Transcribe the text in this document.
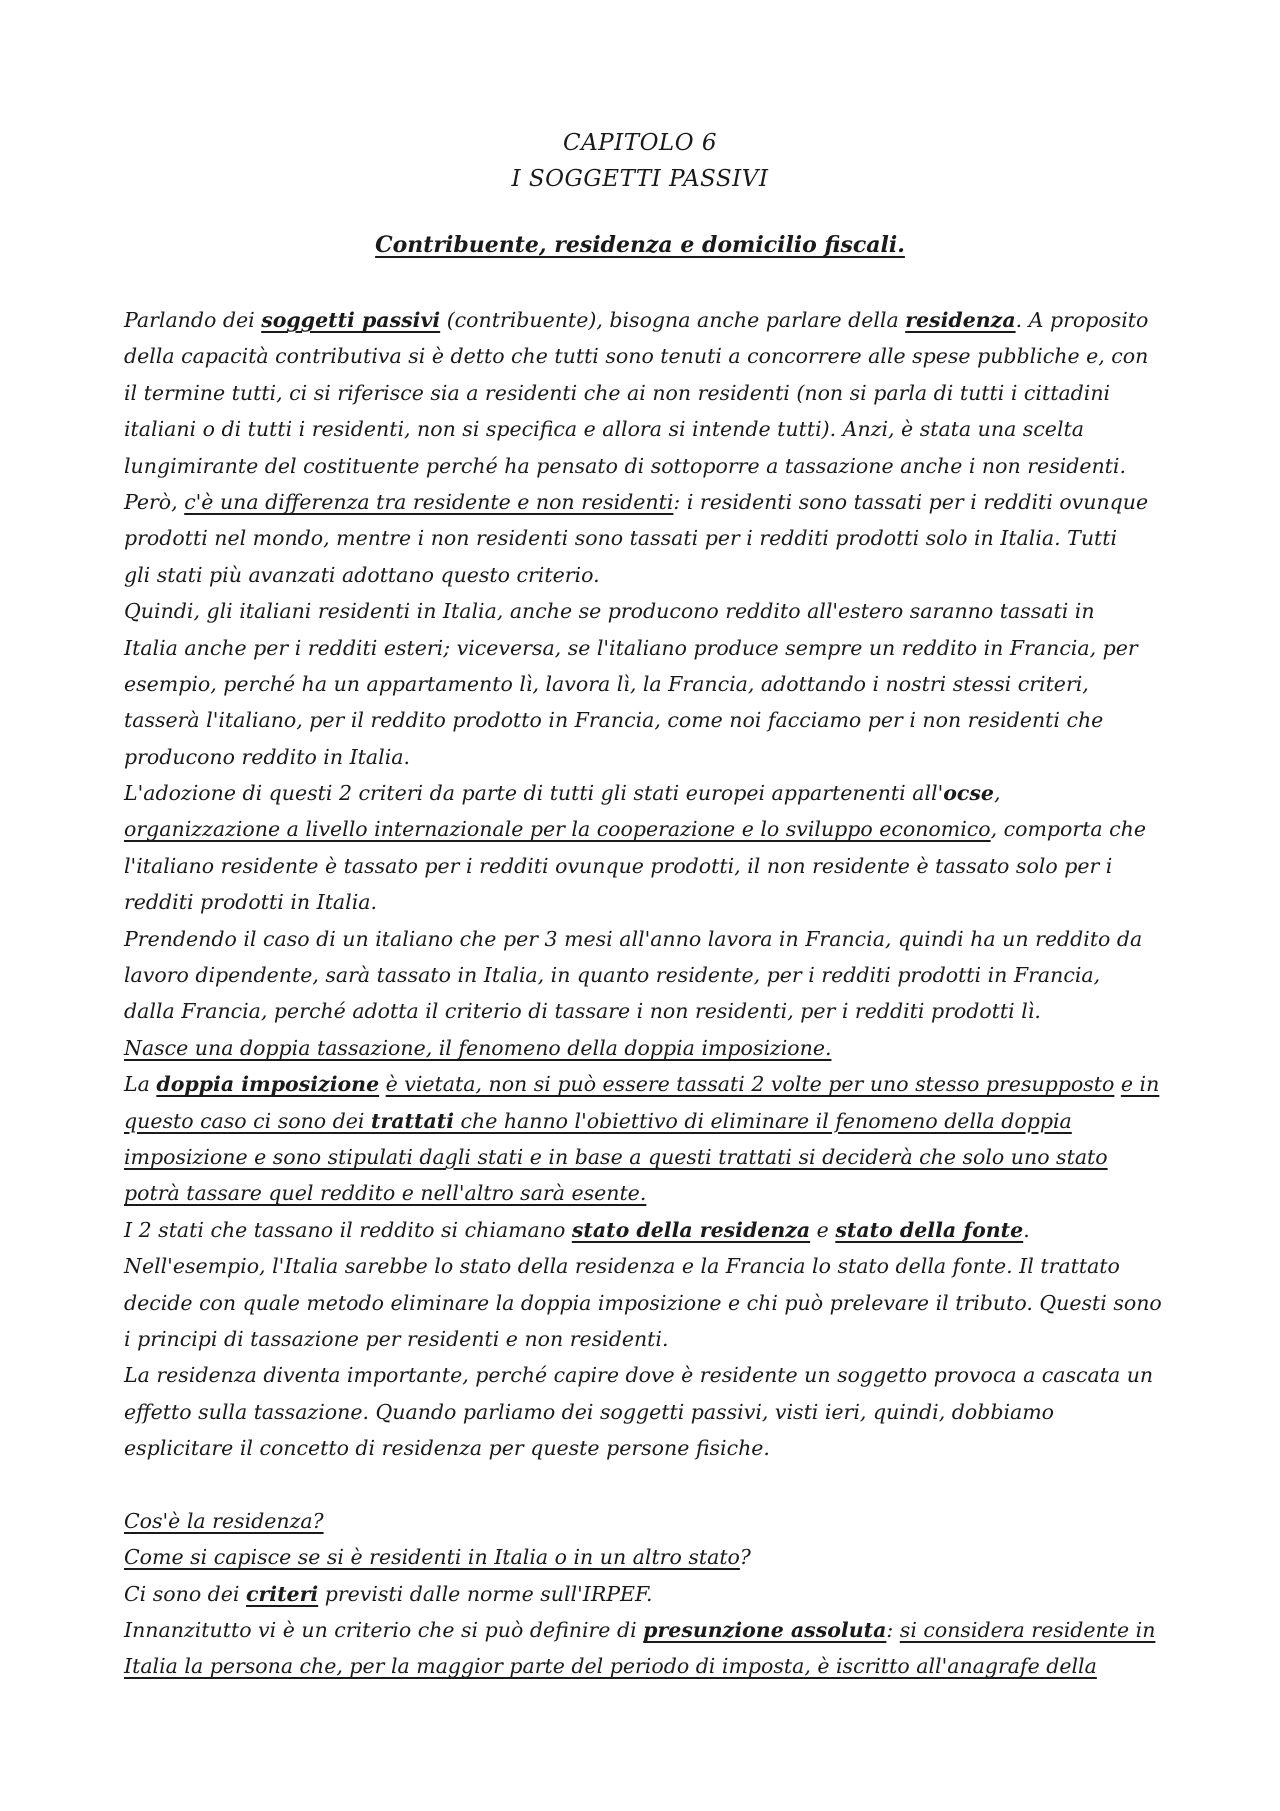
CAPITOLO 6
I SOGGETTI PASSIVI
Contribuente, residenza e domicilio fiscali.
Parlando dei soggetti passivi (contribuente), bisogna anche parlare della residenza. A proposito
della capacità contributiva si è detto che tutti sono tenuti a concorrere alle spese pubbliche e, con
il termine tutti, ci si riferisce sia a residenti che ai non residenti (non si parla di tutti i cittadini
italiani o di tutti i residenti, non si specifica e allora si intende tutti). Anzi, è stata una scelta
lungimirante del costituente perché ha pensato di sottoporre a tassazione anche i non residenti.
Però, c'è una differenza tra residente e non residenti: i residenti sono tassati per i redditi ovunque
prodotti nel mondo, mentre i non residenti sono tassati per i redditi prodotti solo in Italia. Tutti
gli stati più avanzati adottano questo criterio.
Quindi, gli italiani residenti in Italia, anche se producono reddito all'estero saranno tassati in
Italia anche per i redditi esteri; viceversa, se l'italiano produce sempre un reddito in Francia, per
esempio, perché ha un appartamento lì, lavora lì, la Francia, adottando i nostri stessi criteri,
tasserà l'italiano, per il reddito prodotto in Francia, come noi facciamo per i non residenti che
producono reddito in Italia.
L'adozione di questi 2 criteri da parte di tutti gli stati europei appartenenti all'ocse,
organizzazione a livello internazionale per la cooperazione e lo sviluppo economico, comporta che
l'italiano residente è tassato per i redditi ovunque prodotti, il non residente è tassato solo per i
redditi prodotti in Italia.
Prendendo il caso di un italiano che per 3 mesi all'anno lavora in Francia, quindi ha un reddito da
lavoro dipendente, sarà tassato in Italia, in quanto residente, per i redditi prodotti in Francia,
dalla Francia, perché adotta il criterio di tassare i non residenti, per i redditi prodotti lì.
Nasce una doppia tassazione, il fenomeno della doppia imposizione.
La doppia imposizione è vietata, non si può essere tassati 2 volte per uno stesso presupposto e in
questo caso ci sono dei trattati che hanno l'obiettivo di eliminare il fenomeno della doppia
imposizione e sono stipulati dagli stati e in base a questi trattati si deciderà che solo uno stato
potrà tassare quel reddito e nell'altro sarà esente.
I 2 stati che tassano il reddito si chiamano stato della residenza e stato della fonte.
Nell'esempio, l'Italia sarebbe lo stato della residenza e la Francia lo stato della fonte. Il trattato
decide con quale metodo eliminare la doppia imposizione e chi può prelevare il tributo. Questi sono
i principi di tassazione per residenti e non residenti.
La residenza diventa importante, perché capire dove è residente un soggetto provoca a cascata un
effetto sulla tassazione. Quando parliamo dei soggetti passivi, visti ieri, quindi, dobbiamo
esplicitare il concetto di residenza per queste persone fisiche.
Cos'è la residenza?
Come si capisce se si è residenti in Italia o in un altro stato?
Ci sono dei criteri previsti dalle norme sull'IRPEF.
Innanzitutto vi è un criterio che si può definire di presunzione assoluta: si considera residente in
Italia la persona che, per la maggior parte del periodo di imposta, è iscritto all'anagrafe della
